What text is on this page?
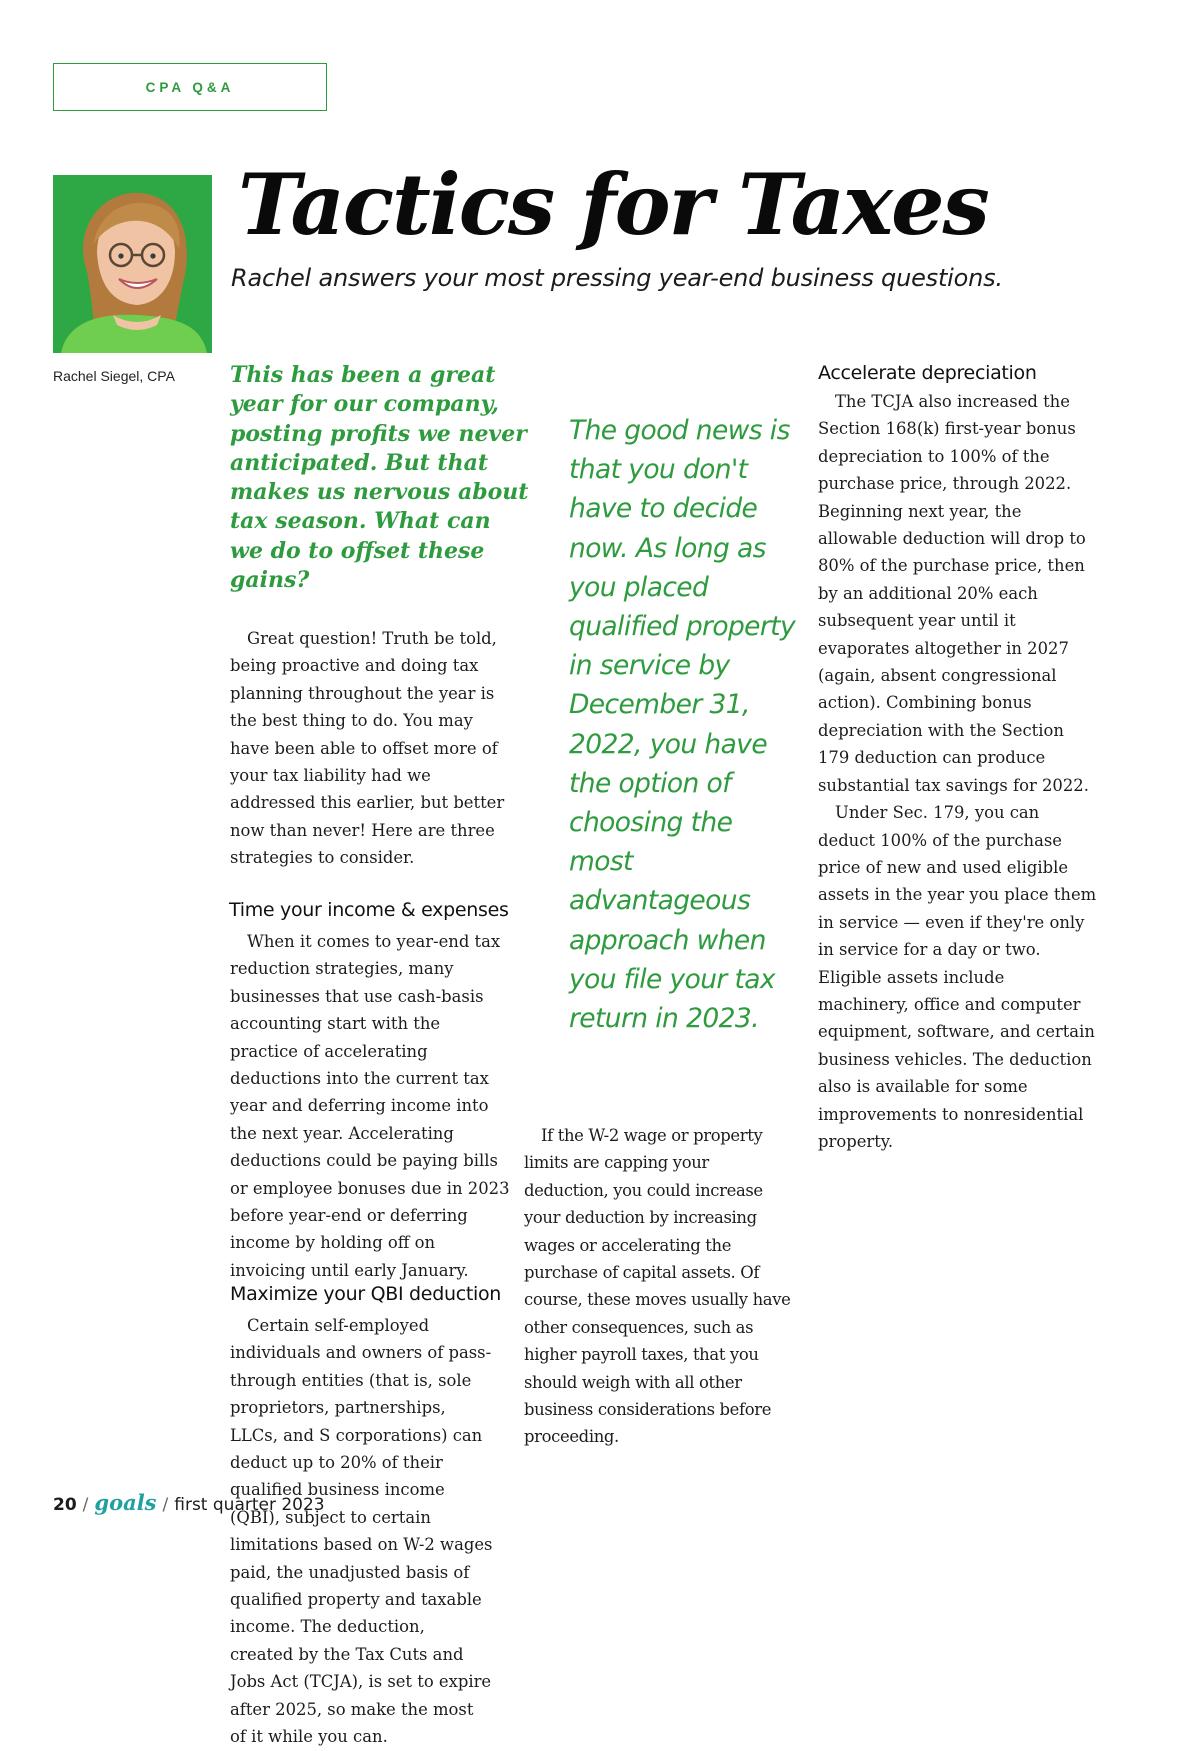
CPA Q&A
Rachel Siegel, CPA
Tactics for Taxes

Rachel answers your most pressing year-end business questions.

This has been a great year for our company, posting profits we never anticipated. But that makes us nervous about tax season. What can we do to offset these gains?

Great question! Truth be told, being proactive and doing tax planning throughout the year is the best thing to do. You may have been able to offset more of your tax liability had we addressed this earlier, but better now than never! Here are three strategies to consider.

Time your income & expenses

When it comes to year-end tax reduction strategies, many businesses that use cash-basis accounting start with the practice of accelerating deductions into the current tax year and deferring income into the next year. Accelerating deductions could be paying bills or employee bonuses due in 2023 before year-end or deferring income by holding off on invoicing until early January.

Maximize your QBI deduction

Certain self-employed individuals and owners of pass-through entities (that is, sole proprietors, partnerships, LLCs, and S corporations) can deduct up to 20% of their qualified business income (QBI), subject to certain limitations based on W-2 wages paid, the unadjusted basis of qualified property and taxable income. The deduction, created by the Tax Cuts and Jobs Act (TCJA), is set to expire after 2025, so make the most of it while you can.

The good news is that you don't have to decide now. As long as you placed qualified property in service by December 31, 2022, you have the option of choosing the most advantageous approach when you file your tax return in 2023.

If the W-2 wage or property limits are capping your deduction, you could increase your deduction by increasing wages or accelerating the purchase of capital assets. Of course, these moves usually have other consequences, such as higher payroll taxes, that you should weigh with all other business considerations before proceeding.

Accelerate depreciation

The TCJA also increased the Section 168(k) first-year bonus depreciation to 100% of the purchase price, through 2022. Beginning next year, the allowable deduction will drop to 80% of the purchase price, then by an additional 20% each subsequent year until it evaporates altogether in 2027 (again, absent congressional action). Combining bonus depreciation with the Section 179 deduction can produce substantial tax savings for 2022.

Under Sec. 179, you can deduct 100% of the purchase price of new and used eligible assets in the year you place them in service — even if they're only in service for a day or two. Eligible assets include machinery, office and computer equipment, software, and certain business vehicles. The deduction also is available for some improvements to nonresidential property.

20 / goals / first quarter 2023
